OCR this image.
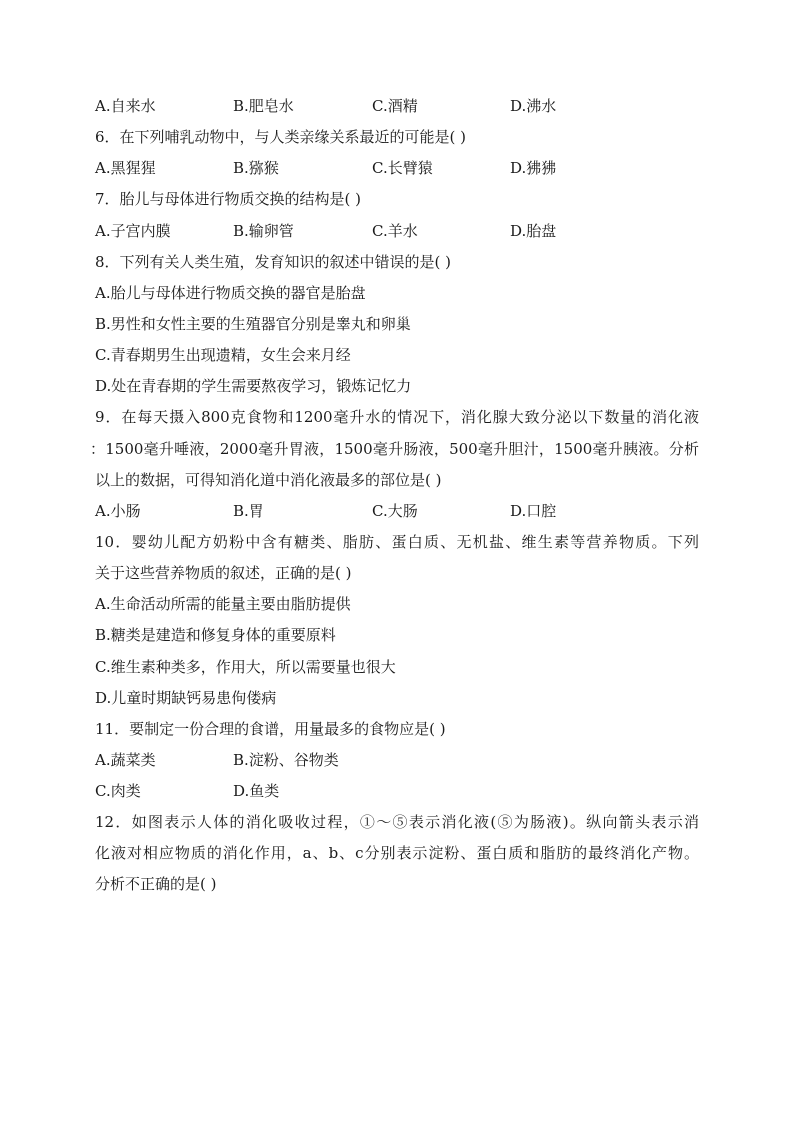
A.自来水	B.肥皂水	C.酒精	D.沸水
6．在下列哺乳动物中，与人类亲缘关系最近的可能是( )
A.黑猩猩	B.猕猴	C.长臂猿	D.狒狒
7．胎儿与母体进行物质交换的结构是( )
A.子宫内膜	B.输卵管	C.羊水	D.胎盘
8．下列有关人类生殖，发育知识的叙述中错误的是( )
A.胎儿与母体进行物质交换的器官是胎盘
B.男性和女性主要的生殖器官分别是睾丸和卵巢
C.青春期男生出现遗精，女生会来月经
D.处在青春期的学生需要熬夜学习，锻炼记忆力
9．在每天摄入800克食物和1200毫升水的情况下，消化腺大致分泌以下数量的消化液
：1500毫升唾液，2000毫升胃液，1500毫升肠液，500毫升胆汁，1500毫升胰液。分析
以上的数据，可得知消化道中消化液最多的部位是( )
A.小肠	B.胃	C.大肠	D.口腔
10．婴幼儿配方奶粉中含有糖类、脂肪、蛋白质、无机盐、维生素等营养物质。下列
关于这些营养物质的叙述，正确的是( )
A.生命活动所需的能量主要由脂肪提供
B.糖类是建造和修复身体的重要原料
C.维生素种类多，作用大，所以需要量也很大
D.儿童时期缺钙易患佝偻病
11．要制定一份合理的食谱，用量最多的食物应是( )
A.蔬菜类	B.淀粉、谷物类
C.肉类	D.鱼类
12．如图表示人体的消化吸收过程，①～⑤表示消化液(⑤为肠液)。纵向箭头表示消
化液对相应物质的消化作用，a、b、c分别表示淀粉、蛋白质和脂肪的最终消化产物。
分析不正确的是( )
